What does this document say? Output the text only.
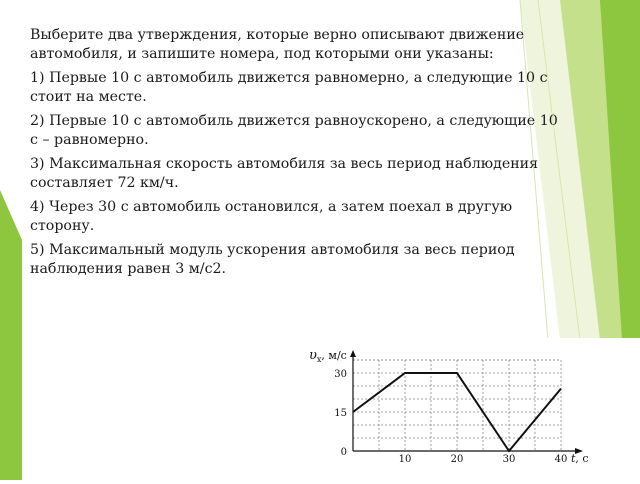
Выберите два утверждения, которые верно описывают движение автомобиля, и запишите номера, под которыми они указаны:

1) Первые 10 с автомобиль движется равномерно, а следующие 10 с стоит на месте.

2) Первые 10 с автомобиль движется равноускорено, а следующие 10 с – равномерно.

3) Максимальная скорость автомобиля за весь период наблюдения составляет 72 км/ч.

4) Через 30 с автомобиль остановился, а затем поехал в другую сторону.

5) Максимальный модуль ускорения автомобиля за весь период наблюдения равен 3 м/с2.

10	20	30	40
0
15
30
$\upsilon_x$, м/с
t, с
